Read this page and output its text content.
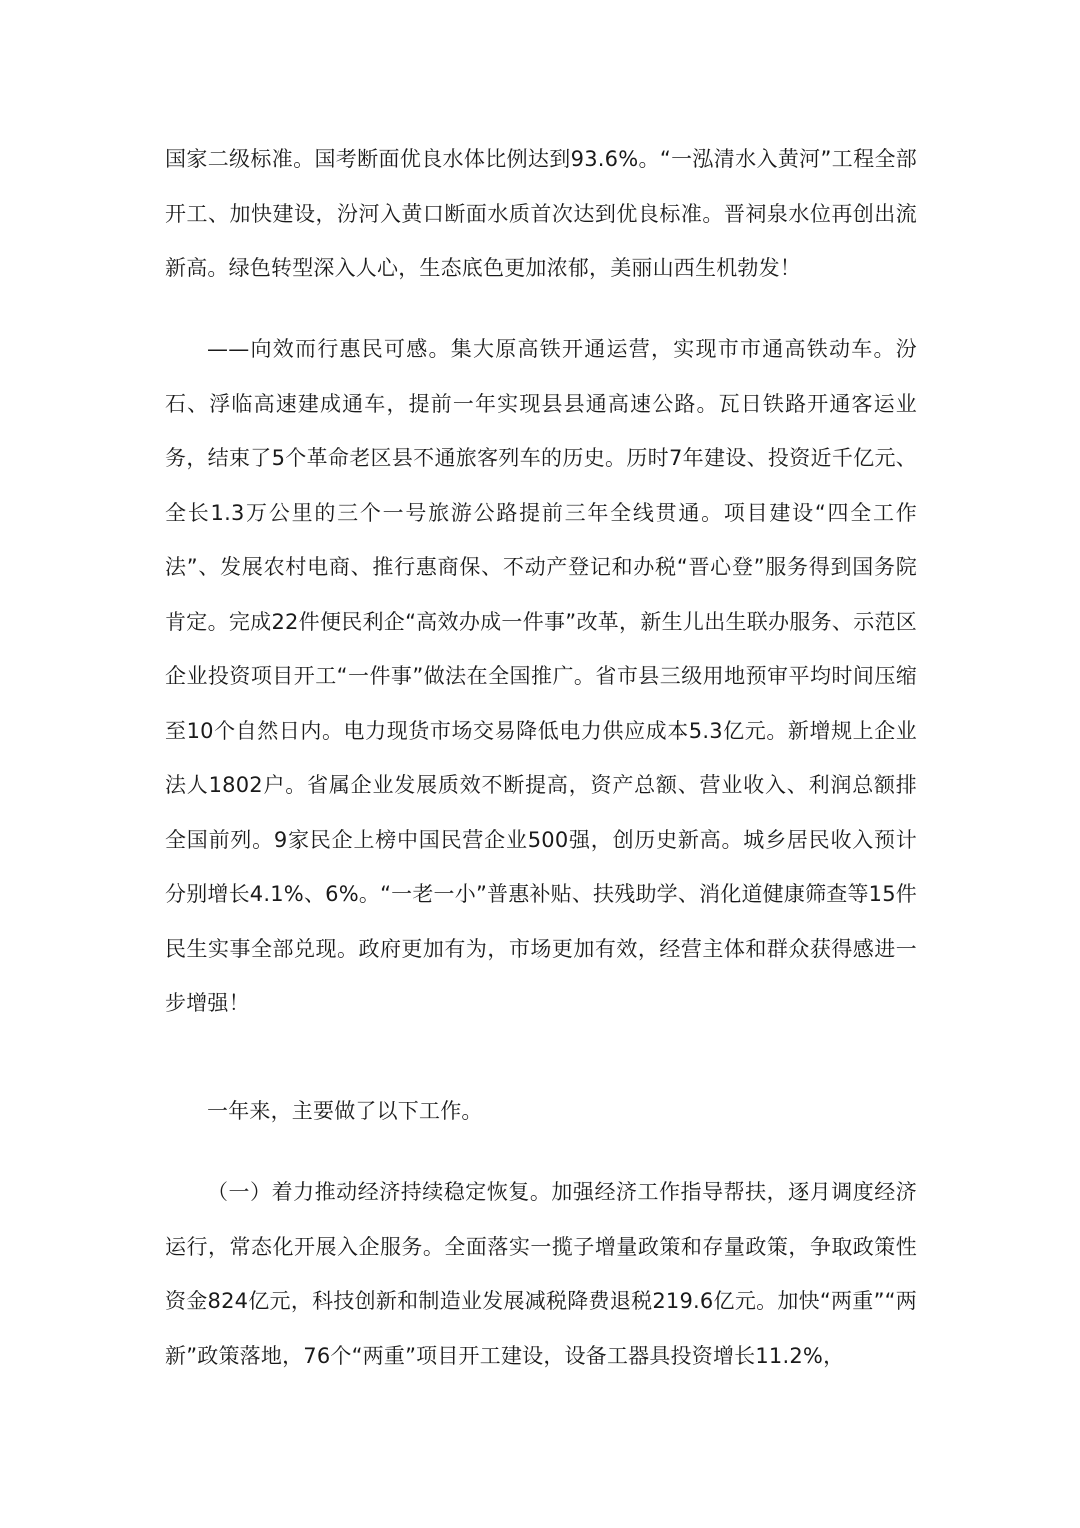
国家二级标准。国考断面优良水体比例达到93.6%。“一泓清水入黄河”工程全部开工、加快建设，汾河入黄口断面水质首次达到优良标准。晋祠泉水位再创出流新高。绿色转型深入人心，生态底色更加浓郁，美丽山西生机勃发！

——向效而行惠民可感。集大原高铁开通运营，实现市市通高铁动车。汾石、浮临高速建成通车，提前一年实现县县通高速公路。瓦日铁路开通客运业务，结束了5个革命老区县不通旅客列车的历史。历时7年建设、投资近千亿元、全长1.3万公里的三个一号旅游公路提前三年全线贯通。项目建设“四全工作法”、发展农村电商、推行惠商保、不动产登记和办税“晋心登”服务得到国务院肯定。完成22件便民利企“高效办成一件事”改革，新生儿出生联办服务、示范区企业投资项目开工“一件事”做法在全国推广。省市县三级用地预审平均时间压缩至10个自然日内。电力现货市场交易降低电力供应成本5.3亿元。新增规上企业法人1802户。省属企业发展质效不断提高，资产总额、营业收入、利润总额排全国前列。9家民企上榜中国民营企业500强，创历史新高。城乡居民收入预计分别增长4.1%、6%。“一老一小”普惠补贴、扶残助学、消化道健康筛查等15件民生实事全部兑现。政府更加有为，市场更加有效，经营主体和群众获得感进一步增强！

一年来，主要做了以下工作。

（一）着力推动经济持续稳定恢复。加强经济工作指导帮扶，逐月调度经济运行，常态化开展入企服务。全面落实一揽子增量政策和存量政策，争取政策性资金824亿元，科技创新和制造业发展减税降费退税219.6亿元。加快“两重”“两新”政策落地，76个“两重”项目开工建设，设备工器具投资增长11.2%，
